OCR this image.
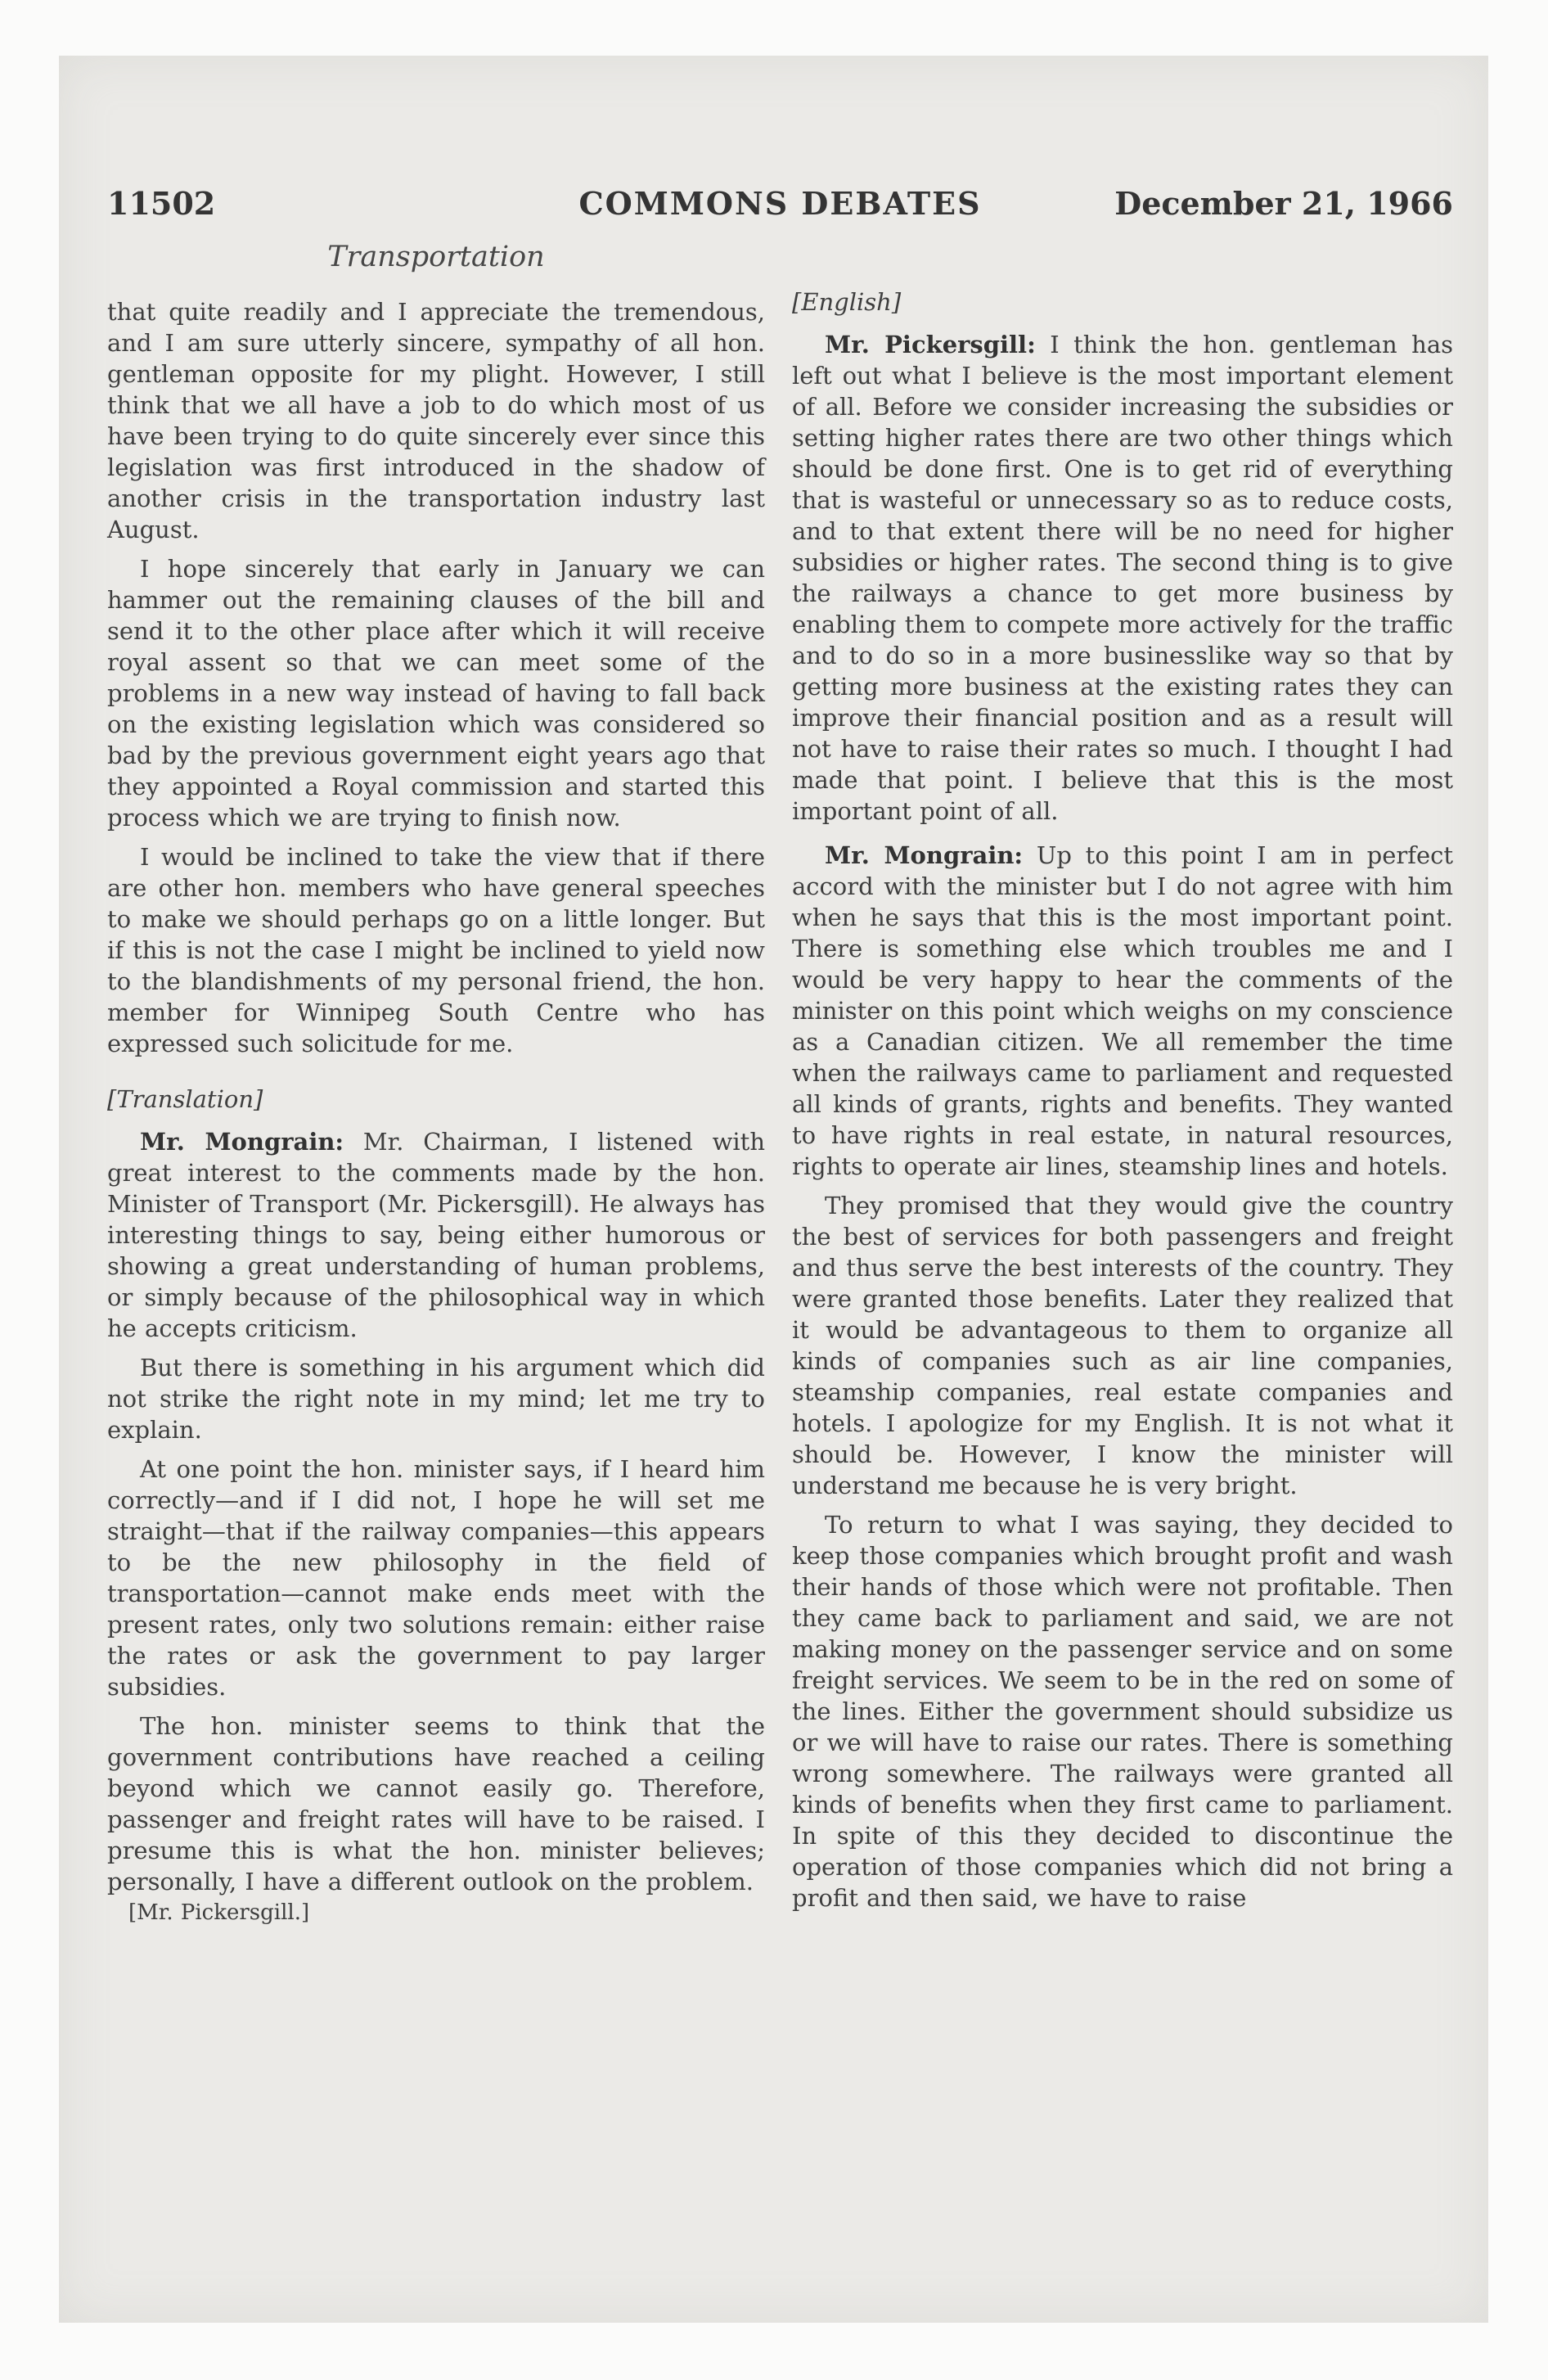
11502	COMMONS DEBATES	December 21, 1966
Transportation

that quite readily and I appreciate the tremendous, and I am sure utterly sincere, sympathy of all hon. gentleman opposite for my plight. However, I still think that we all have a job to do which most of us have been trying to do quite sincerely ever since this legislation was first introduced in the shadow of another crisis in the transportation industry last August.

I hope sincerely that early in January we can hammer out the remaining clauses of the bill and send it to the other place after which it will receive royal assent so that we can meet some of the problems in a new way instead of having to fall back on the existing legislation which was considered so bad by the previous government eight years ago that they appointed a Royal commission and started this process which we are trying to finish now.

I would be inclined to take the view that if there are other hon. members who have general speeches to make we should perhaps go on a little longer. But if this is not the case I might be inclined to yield now to the blandishments of my personal friend, the hon. member for Winnipeg South Centre who has expressed such solicitude for me.

[Translation]

Mr. Mongrain: Mr. Chairman, I listened with great interest to the comments made by the hon. Minister of Transport (Mr. Pickersgill). He always has interesting things to say, being either humorous or showing a great understanding of human problems, or simply because of the philosophical way in which he accepts criticism.

But there is something in his argument which did not strike the right note in my mind; let me try to explain.

At one point the hon. minister says, if I heard him correctly—and if I did not, I hope he will set me straight—that if the railway companies—this appears to be the new philosophy in the field of transportation—cannot make ends meet with the present rates, only two solutions remain: either raise the rates or ask the government to pay larger subsidies.

The hon. minister seems to think that the government contributions have reached a ceiling beyond which we cannot easily go. Therefore, passenger and freight rates will have to be raised. I presume this is what the hon. minister believes; personally, I have a different outlook on the problem.

[Mr. Pickersgill.]

[English]

Mr. Pickersgill: I think the hon. gentleman has left out what I believe is the most important element of all. Before we consider increasing the subsidies or setting higher rates there are two other things which should be done first. One is to get rid of everything that is wasteful or unnecessary so as to reduce costs, and to that extent there will be no need for higher subsidies or higher rates. The second thing is to give the railways a chance to get more business by enabling them to compete more actively for the traffic and to do so in a more businesslike way so that by getting more business at the existing rates they can improve their financial position and as a result will not have to raise their rates so much. I thought I had made that point. I believe that this is the most important point of all.

Mr. Mongrain: Up to this point I am in perfect accord with the minister but I do not agree with him when he says that this is the most important point. There is something else which troubles me and I would be very happy to hear the comments of the minister on this point which weighs on my conscience as a Canadian citizen. We all remember the time when the railways came to parliament and requested all kinds of grants, rights and benefits. They wanted to have rights in real estate, in natural resources, rights to operate air lines, steamship lines and hotels.

They promised that they would give the country the best of services for both passengers and freight and thus serve the best interests of the country. They were granted those benefits. Later they realized that it would be advantageous to them to organize all kinds of companies such as air line companies, steamship companies, real estate companies and hotels. I apologize for my English. It is not what it should be. However, I know the minister will understand me because he is very bright.

To return to what I was saying, they decided to keep those companies which brought profit and wash their hands of those which were not profitable. Then they came back to parliament and said, we are not making money on the passenger service and on some freight services. We seem to be in the red on some of the lines. Either the government should subsidize us or we will have to raise our rates. There is something wrong somewhere. The railways were granted all kinds of benefits when they first came to parliament. In spite of this they decided to discontinue the operation of those companies which did not bring a profit and then said, we have to raise
